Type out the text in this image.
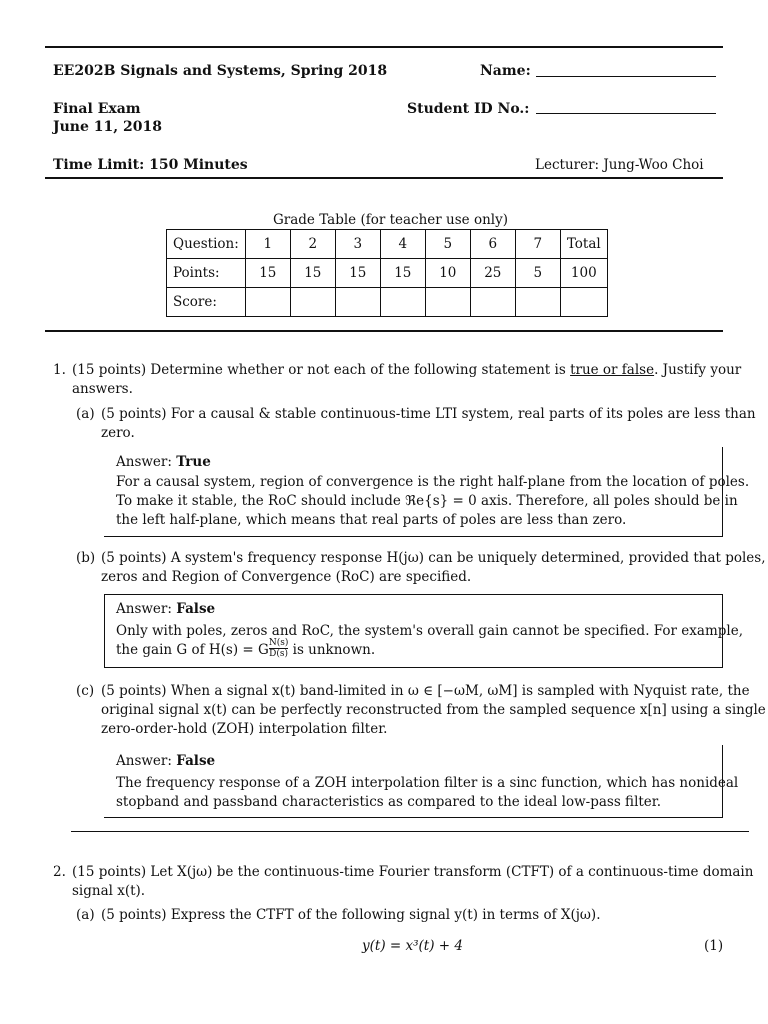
EE202B Signals and Systems, Spring 2018	Name:
Final Exam	Student ID No.:
June 11, 2018
Time Limit: 150 Minutes	Lecturer: Jung-Woo Choi
Grade Table (for teacher use only)
Question:	1	2	3	4	5	6	7	Total
Points:	15	15	15	15	10	25	5	100
Score:								
1. (15 points) Determine whether or not each of the following statement is true or false. Justify your
answers.
(a) (5 points) For a causal & stable continuous-time LTI system, real parts of its poles are less than
zero.
Answer: True
For a causal system, region of convergence is the right half-plane from the location of poles.
To make it stable, the RoC should include ℜe{s} = 0 axis. Therefore, all poles should be in
the left half-plane, which means that real parts of poles are less than zero.
(b) (5 points) A system's frequency response H(jω) can be uniquely determined, provided that poles,
zeros and Region of Convergence (RoC) are specified.
Answer: False
Only with poles, zeros and RoC, the system's overall gain cannot be specified. For example,
the gain G of H(s) = G $\frac{N(s)}{D(s)}$ is unknown.
(c) (5 points) When a signal x(t) band-limited in ω ∈ [−ωM, ωM] is sampled with Nyquist rate, the
original signal x(t) can be perfectly reconstructed from the sampled sequence x[n] using a single
zero-order-hold (ZOH) interpolation filter.
Answer: False
The frequency response of a ZOH interpolation filter is a sinc function, which has nonideal
stopband and passband characteristics as compared to the ideal low-pass filter.
2. (15 points) Let X(jω) be the continuous-time Fourier transform (CTFT) of a continuous-time domain
signal x(t).
(a) (5 points) Express the CTFT of the following signal y(t) in terms of X(jω).
y(t) = x³(t) + 4	(1)
